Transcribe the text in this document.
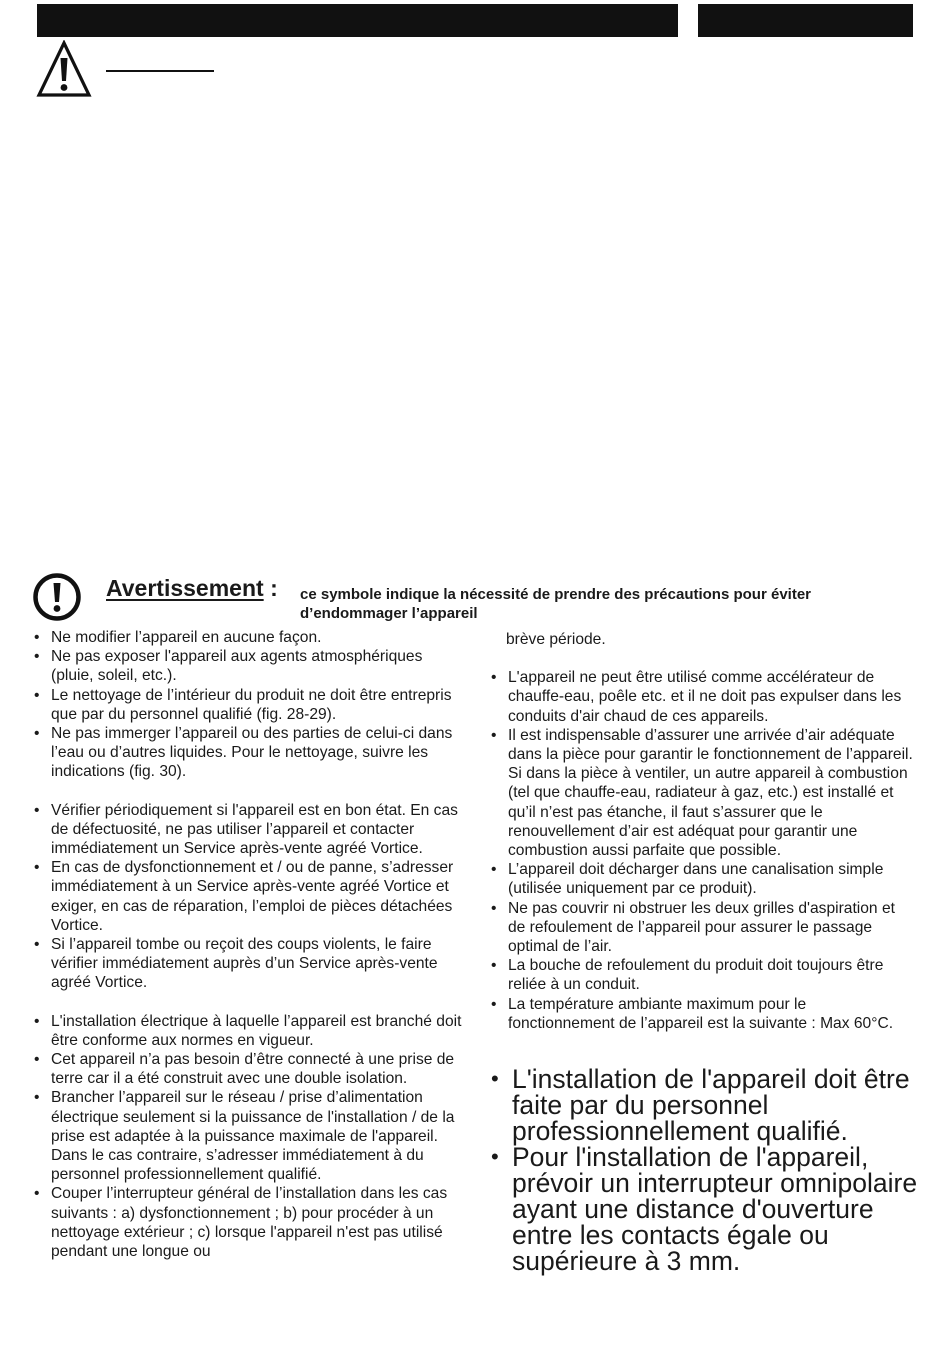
Avertissement : ce symbole indique la nécessité de prendre des précautions pour éviter d’endommager l’appareil
• Ne modifier l’appareil en aucune façon.
• Ne pas exposer l'appareil aux agents atmosphériques (pluie, soleil, etc.).
• Le nettoyage de l’intérieur du produit ne doit être entrepris que par du personnel qualifié (fig. 28-29).
• Ne pas immerger l’appareil ou des parties de celui-ci dans l’eau ou d’autres liquides. Pour le nettoyage, suivre les indications (fig. 30).
• Vérifier périodiquement si l'appareil est en bon état. En cas de défectuosité, ne pas utiliser l’appareil et contacter immédiatement un Service après-vente agréé Vortice.
• En cas de dysfonctionnement et / ou de panne, s’adresser immédiatement à un Service après-vente agréé Vortice et exiger, en cas de réparation, l’emploi de pièces détachées Vortice.
• Si l’appareil tombe ou reçoit des coups violents, le faire vérifier immédiatement auprès d’un Service après-vente agréé Vortice.
• L'installation électrique à laquelle l’appareil est branché doit être conforme aux normes en vigueur.
• Cet appareil n’a pas besoin d’être connecté à une prise de terre car il a été construit avec une double isolation.
• Brancher l’appareil sur le réseau / prise d’alimentation électrique seulement si la puissance de l'installation / de la prise est adaptée à la puissance maximale de l'appareil. Dans le cas contraire, s’adresser immédiatement à du personnel professionnellement qualifié.
• Couper l’interrupteur général de l’installation dans les cas suivants : a) dysfonctionnement ; b) pour procéder à un nettoyage extérieur ; c) lorsque l'appareil n'est pas utilisé pendant une longue ou
brève période.
• L'appareil ne peut être utilisé comme accélérateur de chauffe-eau, poêle etc. et il ne doit pas expulser dans les conduits d'air chaud de ces appareils.
• Il est indispensable d’assurer une arrivée d’air adéquate dans la pièce pour garantir le fonctionnement de l’appareil. Si dans la pièce à ventiler, un autre appareil à combustion (tel que chauffe-eau, radiateur à gaz, etc.) est installé et qu’il n’est pas étanche, il faut s’assurer que le renouvellement d’air est adéquat pour garantir une combustion aussi parfaite que possible.
• L’appareil doit décharger dans une canalisation simple (utilisée uniquement par ce produit).
• Ne pas couvrir ni obstruer les deux grilles d'aspiration et de refoulement de l’appareil pour assurer le passage optimal de l’air.
• La bouche de refoulement du produit doit toujours être reliée à un conduit.
• La température ambiante maximum pour le fonctionnement de l’appareil est la suivante : Max 60°C.
• L'installation de l'appareil doit être faite par du personnel professionnellement qualifié.
• Pour l'installation de l'appareil, prévoir un interrupteur omnipolaire ayant une distance d'ouverture entre les contacts égale ou supérieure à 3 mm.
